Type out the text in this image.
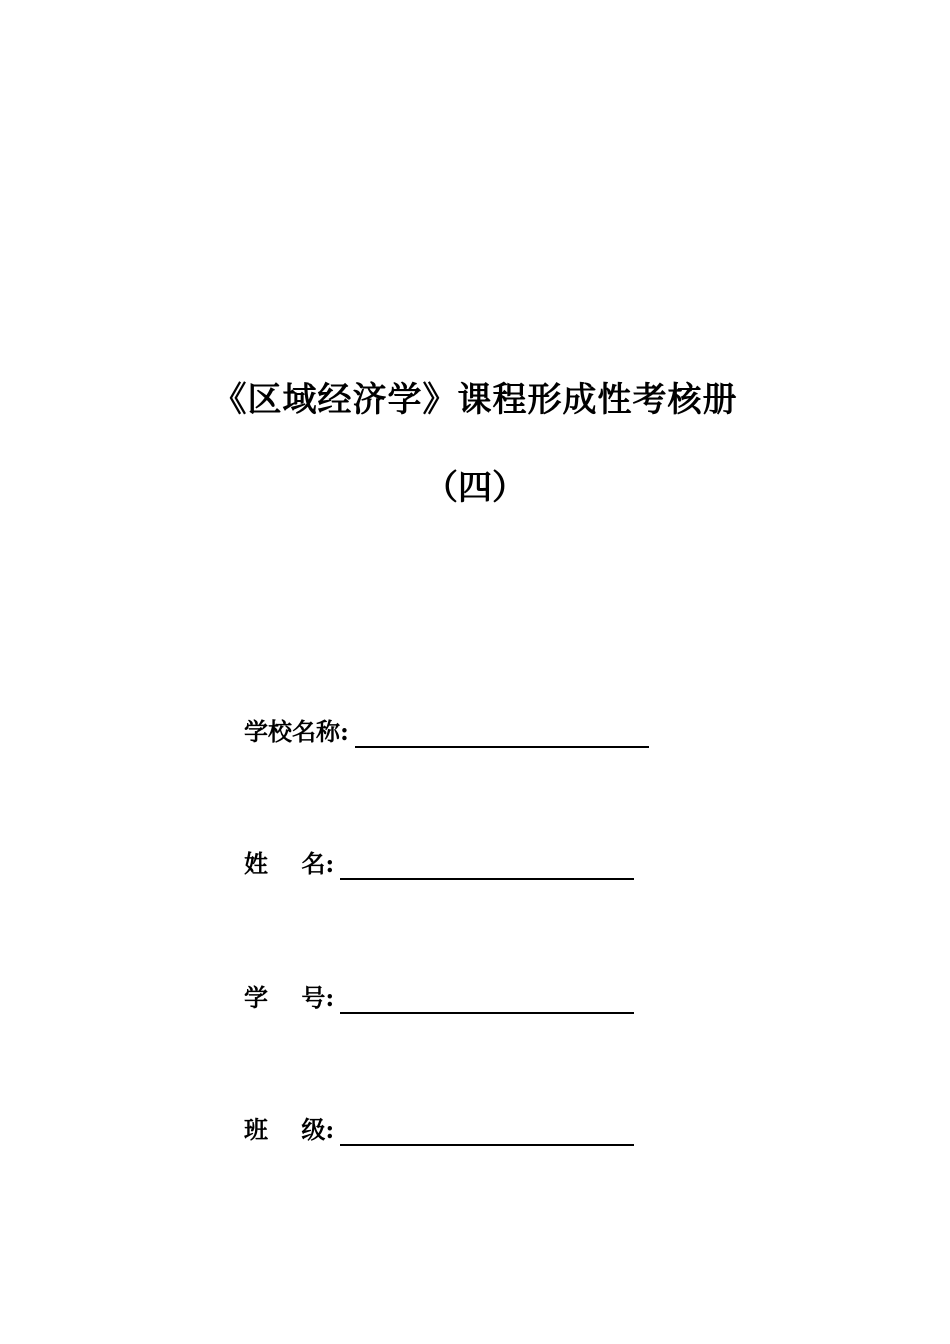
《区域经济学》课程形成性考核册
（四）
学校名称:
姓    名:
学    号:
班    级:
